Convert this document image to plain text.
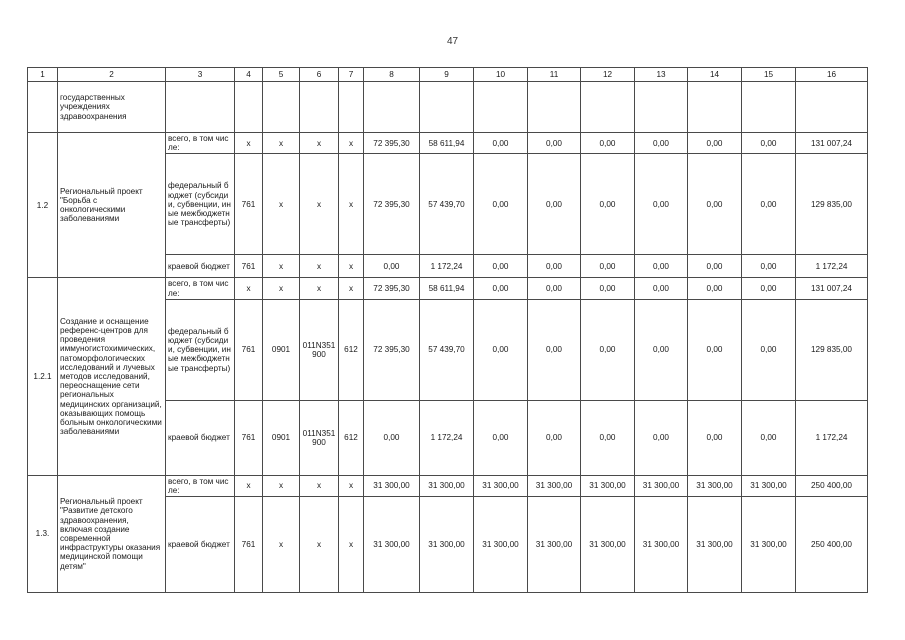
47
1	2	3	4	5	6	7	8	9	10	11	12	13	14	15	16
	государственных учреждениях здравоохранения														
1.2	Региональный проект "Борьба с онкологическими заболеваниями	всего, в том числе:	x	x	x	x	72 395,30	58 611,94	0,00	0,00	0,00	0,00	0,00	0,00	131 007,24
		федеральный бюджет (субсидии, субвенции, иные межбюджетные трансферты)	761	x	x	x	72 395,30	57 439,70	0,00	0,00	0,00	0,00	0,00	0,00	129 835,00
		краевой бюджет	761	x	x	x	0,00	1 172,24	0,00	0,00	0,00	0,00	0,00	0,00	1 172,24
1.2.1	Создание и оснащение референс-центров для проведения иммуногистохимических, патоморфологических исследований и лучевых методов исследований, переоснащение сети региональных медицинских организаций, оказывающих помощь больным онкологическими заболеваниями	всего, в том числе:	x	x	x	x	72 395,30	58 611,94	0,00	0,00	0,00	0,00	0,00	0,00	131 007,24
		федеральный бюджет (субсидии, субвенции, иные межбюджетные трансферты)	761	0901	011N351900	612	72 395,30	57 439,70	0,00	0,00	0,00	0,00	0,00	0,00	129 835,00
		краевой бюджет	761	0901	011N351900	612	0,00	1 172,24	0,00	0,00	0,00	0,00	0,00	0,00	1 172,24
1.3.	Региональный проект "Развитие детского здравоохранения, включая создание современной инфраструктуры оказания медицинской помощи детям"	всего, в том числе:	x	x	x	x	31 300,00	31 300,00	31 300,00	31 300,00	31 300,00	31 300,00	31 300,00	31 300,00	250 400,00
		краевой бюджет	761	x	x	x	31 300,00	31 300,00	31 300,00	31 300,00	31 300,00	31 300,00	31 300,00	31 300,00	250 400,00
